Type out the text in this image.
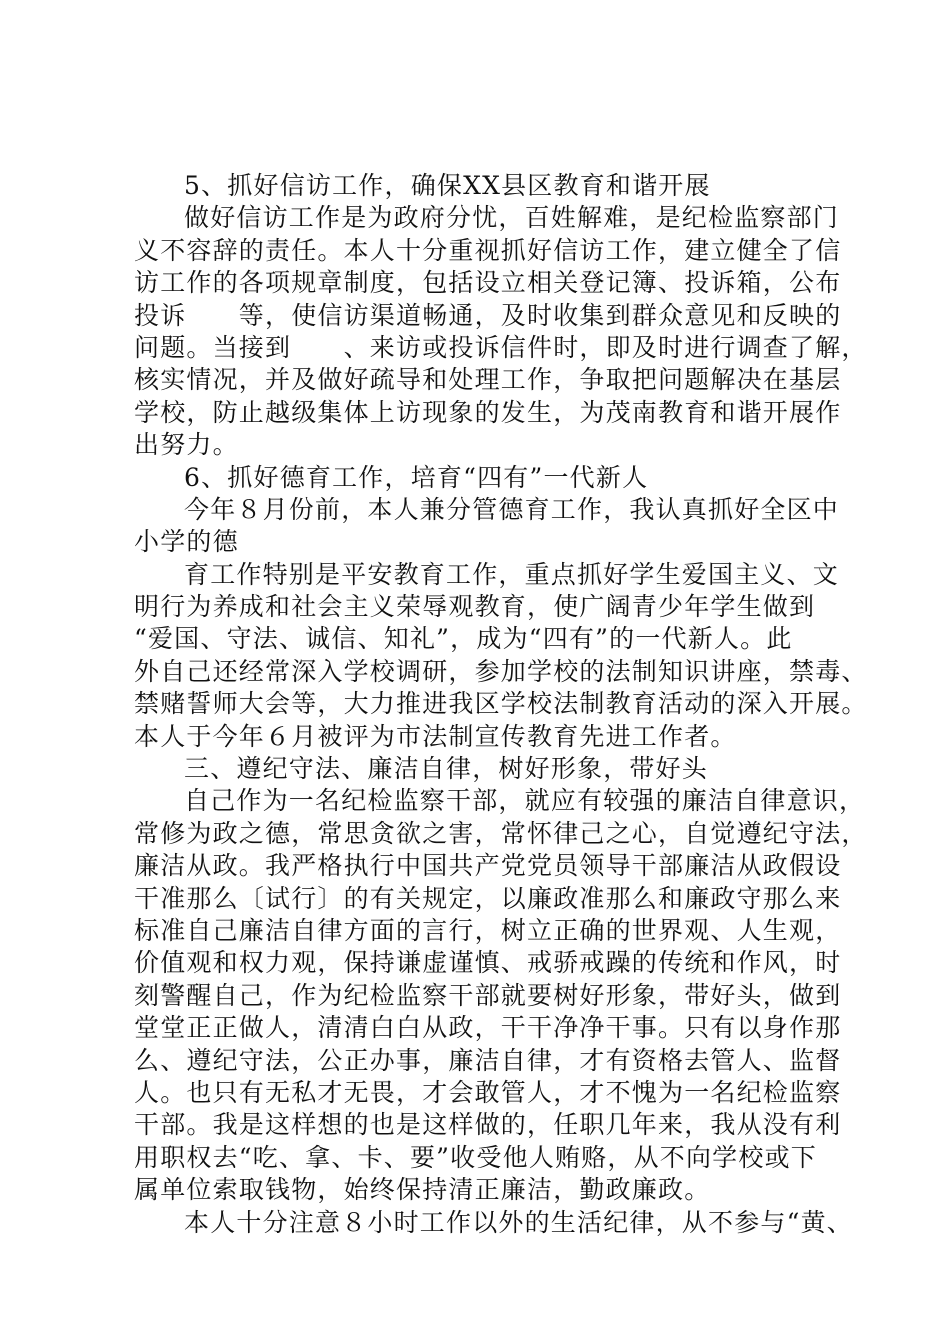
5、抓好信访工作，确保XX县区教育和谐开展
做好信访工作是为政府分忧，百姓解难，是纪检监察部门
义不容辞的责任。本人十分重视抓好信访工作，建立健全了信
访工作的各项规章制度，包括设立相关登记簿、投诉箱，公布
投诉　　等，使信访渠道畅通，及时收集到群众意见和反映的
问题。当接到　　、来访或投诉信件时，即及时进行调查了解，
核实情况，并及做好疏导和处理工作，争取把问题解决在基层
学校，防止越级集体上访现象的发生，为茂南教育和谐开展作
出努力。
6、抓好德育工作，培育“四有”一代新人
今年８月份前，本人兼分管德育工作，我认真抓好全区中
小学的德
育工作特别是平安教育工作，重点抓好学生爱国主义、文
明行为养成和社会主义荣辱观教育，使广阔青少年学生做到
“爱国、守法、诚信、知礼”，成为“四有”的一代新人。此
外自己还经常深入学校调研，参加学校的法制知识讲座，禁毒、
禁赌誓师大会等，大力推进我区学校法制教育活动的深入开展。
本人于今年６月被评为市法制宣传教育先进工作者。
三、遵纪守法、廉洁自律，树好形象，带好头
自己作为一名纪检监察干部，就应有较强的廉洁自律意识，
常修为政之德，常思贪欲之害，常怀律己之心，自觉遵纪守法，
廉洁从政。我严格执行中国共产党党员领导干部廉洁从政假设
干准那么〔试行〕的有关规定，以廉政准那么和廉政守那么来
标准自己廉洁自律方面的言行，树立正确的世界观、人生观，
价值观和权力观，保持谦虚谨慎、戒骄戒躁的传统和作风，时
刻警醒自己，作为纪检监察干部就要树好形象，带好头，做到
堂堂正正做人，清清白白从政，干干净净干事。只有以身作那
么、遵纪守法，公正办事，廉洁自律，才有资格去管人、监督
人。也只有无私才无畏，才会敢管人，才不愧为一名纪检监察
干部。我是这样想的也是这样做的，任职几年来，我从没有利
用职权去“吃、拿、卡、要”收受他人贿赂，从不向学校或下
属单位索取钱物，始终保持清正廉洁，勤政廉政。
本人十分注意８小时工作以外的生活纪律，从不参与“黄、
